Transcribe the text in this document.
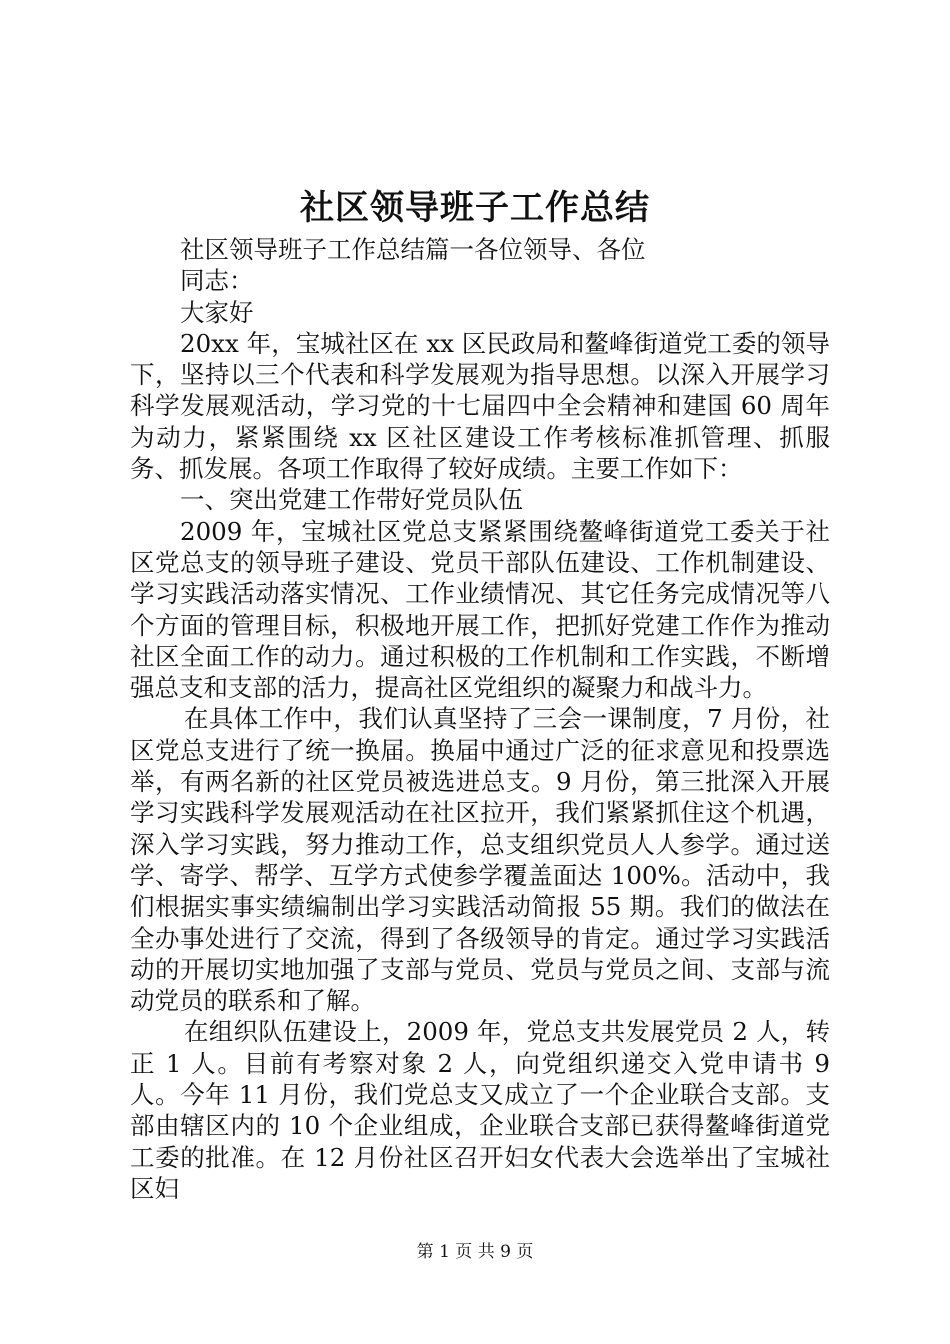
社区领导班子工作总结

社区领导班子工作总结篇一各位领导、各位

同志：

大家好

20xx 年，宝城社区在 xx 区民政局和鳌峰街道党工委的领导下，坚持以三个代表和科学发展观为指导思想。以深入开展学习科学发展观活动，学习党的十七届四中全会精神和建国 60 周年为动力，紧紧围绕 xx 区社区建设工作考核标准抓管理、抓服务、抓发展。各项工作取得了较好成绩。主要工作如下：

一、突出党建工作带好党员队伍

2009 年，宝城社区党总支紧紧围绕鳌峰街道党工委关于社区党总支的领导班子建设、党员干部队伍建设、工作机制建设、学习实践活动落实情况、工作业绩情况、其它任务完成情况等八个方面的管理目标，积极地开展工作，把抓好党建工作作为推动社区全面工作的动力。通过积极的工作机制和工作实践，不断增强总支和支部的活力，提高社区党组织的凝聚力和战斗力。

在具体工作中，我们认真坚持了三会一课制度，7 月份，社区党总支进行了统一换届。换届中通过广泛的征求意见和投票选举，有两名新的社区党员被选进总支。9 月份，第三批深入开展学习实践科学发展观活动在社区拉开，我们紧紧抓住这个机遇，深入学习实践，努力推动工作，总支组织党员人人参学。通过送学、寄学、帮学、互学方式使参学覆盖面达 100%。活动中，我们根据实事实绩编制出学习实践活动简报 55 期。我们的做法在全办事处进行了交流，得到了各级领导的肯定。通过学习实践活动的开展切实地加强了支部与党员、党员与党员之间、支部与流动党员的联系和了解。

在组织队伍建设上，2009 年，党总支共发展党员 2 人，转正 1 人。目前有考察对象 2 人，向党组织递交入党申请书 9 人。今年 11 月份，我们党总支又成立了一个企业联合支部。支部由辖区内的 10 个企业组成，企业联合支部已获得鳌峰街道党工委的批准。在 12 月份社区召开妇女代表大会选举出了宝城社区妇

第 1 页 共 9 页
